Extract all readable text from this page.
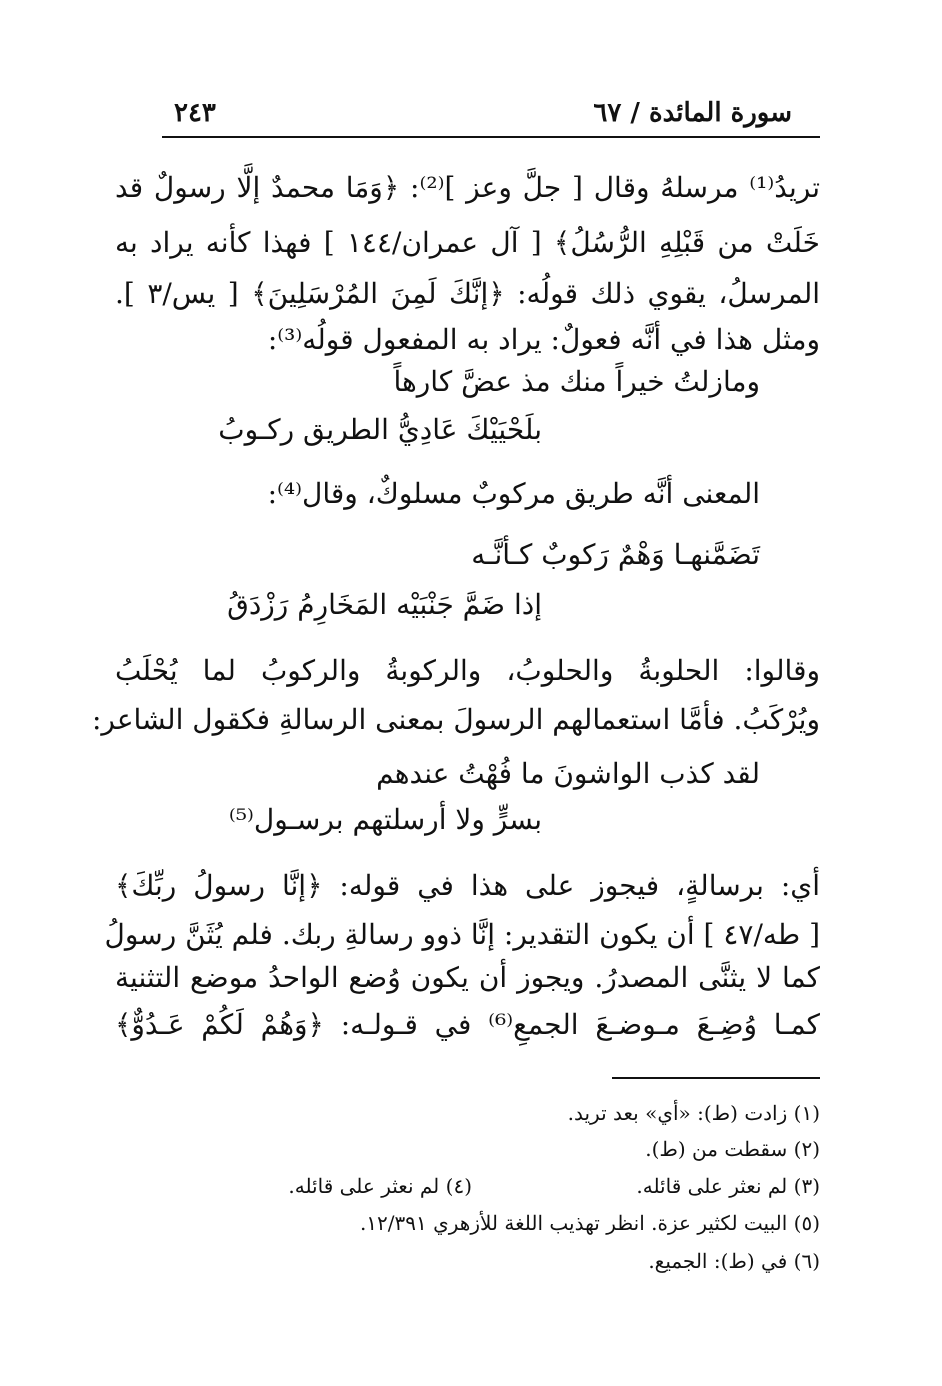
٢٤٣	سورة المائدة / ٦٧
تريدُ⁽¹⁾ مرسلهُ وقال [ جلَّ وعز ]⁽²⁾: ﴿وَمَا محمدٌ إلَّا رسولٌ قد
خَلَتْ من قَبْلِهِ الرُّسُلُ﴾ [ آل عمران/١٤٤ ] فهذا كأنه يراد به
المرسلُ، يقوي ذلك قولُه: ﴿إنَّكَ لَمِنَ المُرْسَلِينَ﴾ [ يس/٣ ].
ومثل هذا في أنَّه فعولٌ: يراد به المفعول قولُه⁽³⁾:
ومازلتُ خيراً منك مذ عضَّ كارهاً
بلَحْيَيْكَ عَادِيُّ الطريق ركـوبُ
المعنى أنَّه طريق مركوبٌ مسلوكٌ، وقال⁽⁴⁾:
تَضَمَّنهـا وَهْمٌ رَكوبٌ كـأنَّـه
إذا ضَمَّ جَنْبَيْه المَخَارِمُ رَزْدَقُ
وقالوا: الحلوبةُ والحلوبُ، والركوبةُ والركوبُ لما يُحْلَبُ
ويُرْكَبُ. فأمَّا استعمالهم الرسولَ بمعنى الرسالةِ فكقول الشاعر:
لقد كذب الواشونَ ما فُهْتُ عندهم
بسرٍّ ولا أرسلتهم برسـول⁽⁵⁾
أي: برسالةٍ، فيجوز على هذا في قوله: ﴿إنَّا رسولُ ربِّكَ﴾
[ طه/٤٧ ] أن يكون التقدير: إنَّا ذوو رسالةِ ربك. فلم يُثَنَّ رسولُ
كما لا يثنَّى المصدرُ. ويجوز أن يكون وُضع الواحدُ موضع التثنية
كمـا وُضِـعَ مـوضـعَ الجمعِ⁽⁶⁾ في قـولـه: ﴿وَهُمْ لَكُمْ عَـدُوٌّ﴾
(١) زادت (ط): «أي» بعد تريد.
(٢) سقطت من (ط).
(٣) لم نعثر على قائله.
(٤) لم نعثر على قائله.
(٥) البيت لكثير عزة. انظر تهذيب اللغة للأزهري ١٢/٣٩١.
(٦) في (ط): الجميع.
